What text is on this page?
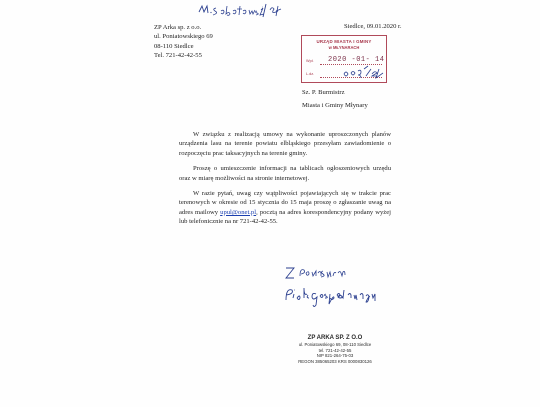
ZP Arka sp. z o.o.
ul. Poniatowskiego 69
08-110 Siedlce
Tel. 721-42-42-55
Siedlce, 09.01.2020 r.
URZĄD MIASTA I GMINY
w MŁYNARACH
Wpł. 2020 -01- 14
L.dz.
Sz. P. Burmistrz
Miasta i Gminy Młynary

W związku z realizacją umowy na wykonanie uproszczonych planów urządzenia lasu na terenie powiatu elbląskiego przesyłam zawiadomienie o rozpoczęciu prac taksacyjnych na terenie gminy.

Proszę o umieszczenie informacji na tablicach ogłoszeniowych urzędu oraz w miarę możliwości na stronie internetowej.

W razie pytań, uwag czy wątpliwości pojawiających się w trakcie prac terenowych w okresie od 15 stycznia do 15 maja proszę o zgłaszanie uwag na adres mailowy upul@onet.pl, pocztą na adres korespondencyjny podany wyżej lub telefonicznie na nr 721-42-42-55.

ZP ARKA SP. Z O.O
ul. Poniatowskiego 69, 08-110 Siedlce
tel. 721-42-42-55
NIP 821-264-75-03
REGON 385065203 KRS 0000830126
